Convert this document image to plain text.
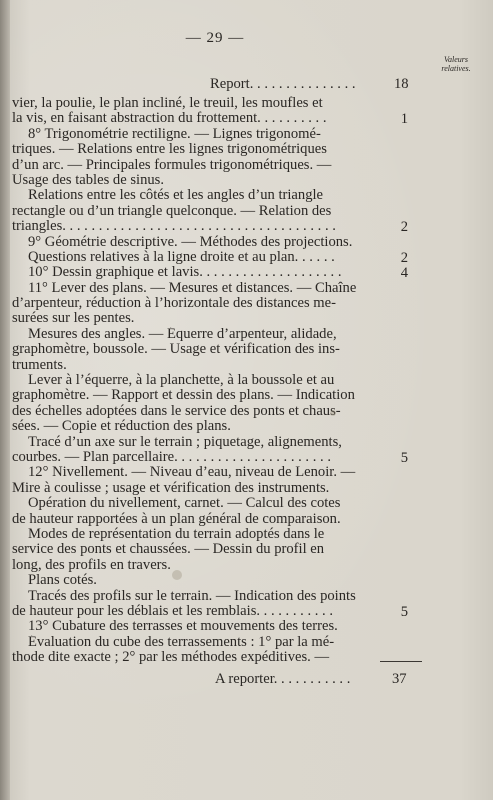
— 29 —
Valeurs
relatives.
Report. . . . . . . . . . . . . . .	18
vier, la poulie, le plan incliné, le treuil, les moufles et
la vis, en faisant abstraction du frottement. . . . . . . . . .
8° Trigonométrie rectiligne. — Lignes trigonomé-
triques. — Relations entre les lignes trigonométriques
d’un arc. — Principales formules trigonométriques. —
Usage des tables de sinus.
Relations entre les côtés et les angles d’un triangle
rectangle ou d’un triangle quelconque. — Relation des
triangles. . . . . . . . . . . . . . . . . . . . . . . . . . . . . . . . . . . . . .
9° Géométrie descriptive. — Méthodes des projections.
Questions relatives à la ligne droite et au plan. . . . . .
10° Dessin graphique et lavis. . . . . . . . . . . . . . . . . . . .
11° Lever des plans. — Mesures et distances. — Chaîne
d’arpenteur, réduction à l’horizontale des distances me-
surées sur les pentes.
Mesures des angles. — Équerre d’arpenteur, alidade,
graphomètre, boussole. — Usage et vérification des ins-
truments.
Lever à l’équerre, à la planchette, à la boussole et au
graphomètre. — Rapport et dessin des plans. — Indication
des échelles adoptées dans le service des ponts et chaus-
sées. — Copie et réduction des plans.
Tracé d’un axe sur le terrain ; piquetage, alignements,
courbes. — Plan parcellaire. . . . . . . . . . . . . . . . . . . . . .
12° Nivellement. — Niveau d’eau, niveau de Lenoir. —
Mire à coulisse ; usage et vérification des instruments.
Opération du nivellement, carnet. — Calcul des cotes
de hauteur rapportées à un plan général de comparaison.
Modes de représentation du terrain adoptés dans le
service des ponts et chaussées. — Dessin du profil en
long, des profils en travers.
Plans cotés.
Tracés des profils sur le terrain. — Indication des points
de hauteur pour les déblais et les remblais. . . . . . . . . . .
13° Cubature des terrasses et mouvements des terres.
Évaluation du cube des terrassements : 1° par la mé-
thode dite exacte ; 2° par les méthodes expéditives. —
1
2
2
4
5
5
A reporter. . . . . . . . . . .	37
